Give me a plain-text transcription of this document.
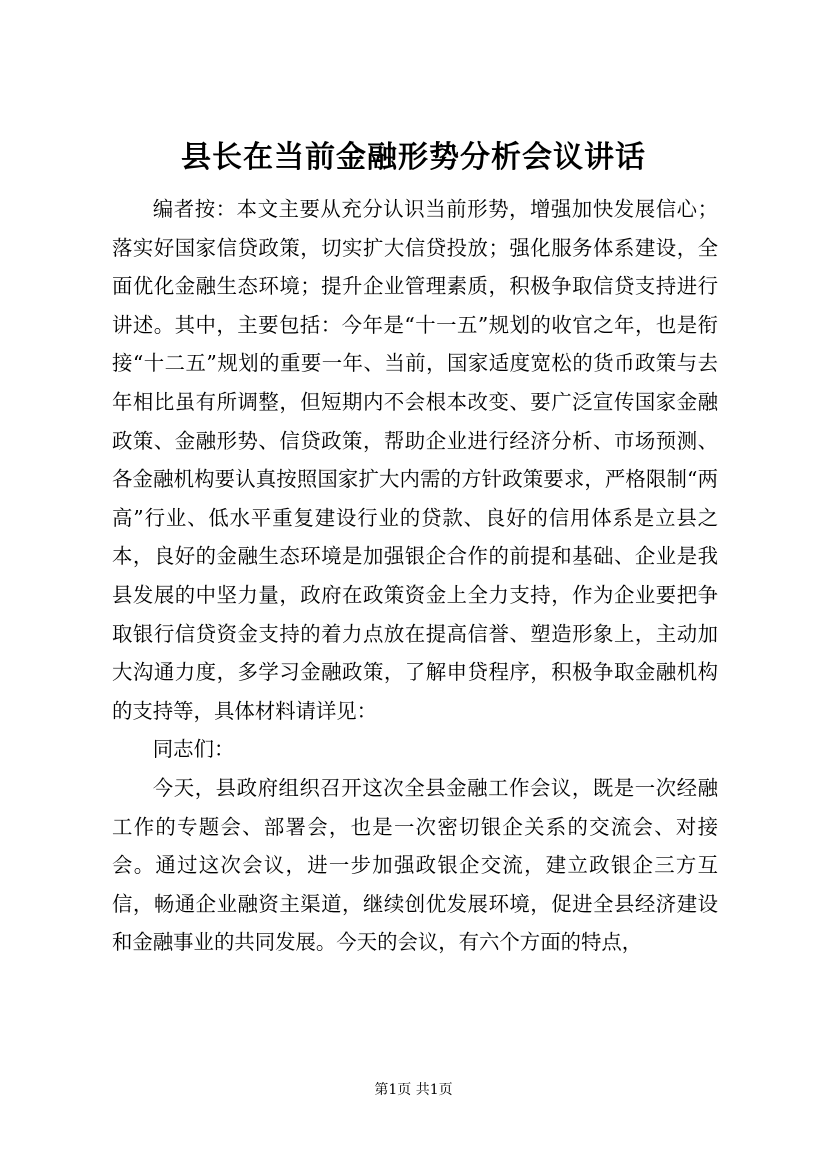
县长在当前金融形势分析会议讲话

编者按：本文主要从充分认识当前形势，增强加快发展信心；落实好国家信贷政策，切实扩大信贷投放；强化服务体系建设，全面优化金融生态环境；提升企业管理素质，积极争取信贷支持进行讲述。其中，主要包括：今年是“十一五”规划的收官之年，也是衔接“十二五”规划的重要一年、当前，国家适度宽松的货币政策与去年相比虽有所调整，但短期内不会根本改变、要广泛宣传国家金融政策、金融形势、信贷政策，帮助企业进行经济分析、市场预测、各金融机构要认真按照国家扩大内需的方针政策要求，严格限制“两高”行业、低水平重复建设行业的贷款、良好的信用体系是立县之本，良好的金融生态环境是加强银企合作的前提和基础、企业是我县发展的中坚力量，政府在政策资金上全力支持，作为企业要把争取银行信贷资金支持的着力点放在提高信誉、塑造形象上，主动加大沟通力度，多学习金融政策，了解申贷程序，积极争取金融机构的支持等，具体材料请详见：

同志们：

今天，县政府组织召开这次全县金融工作会议，既是一次经融工作的专题会、部署会，也是一次密切银企关系的交流会、对接会。通过这次会议，进一步加强政银企交流，建立政银企三方互信，畅通企业融资主渠道，继续创优发展环境，促进全县经济建设和金融事业的共同发展。今天的会议，有六个方面的特点，

第1页 共1页
